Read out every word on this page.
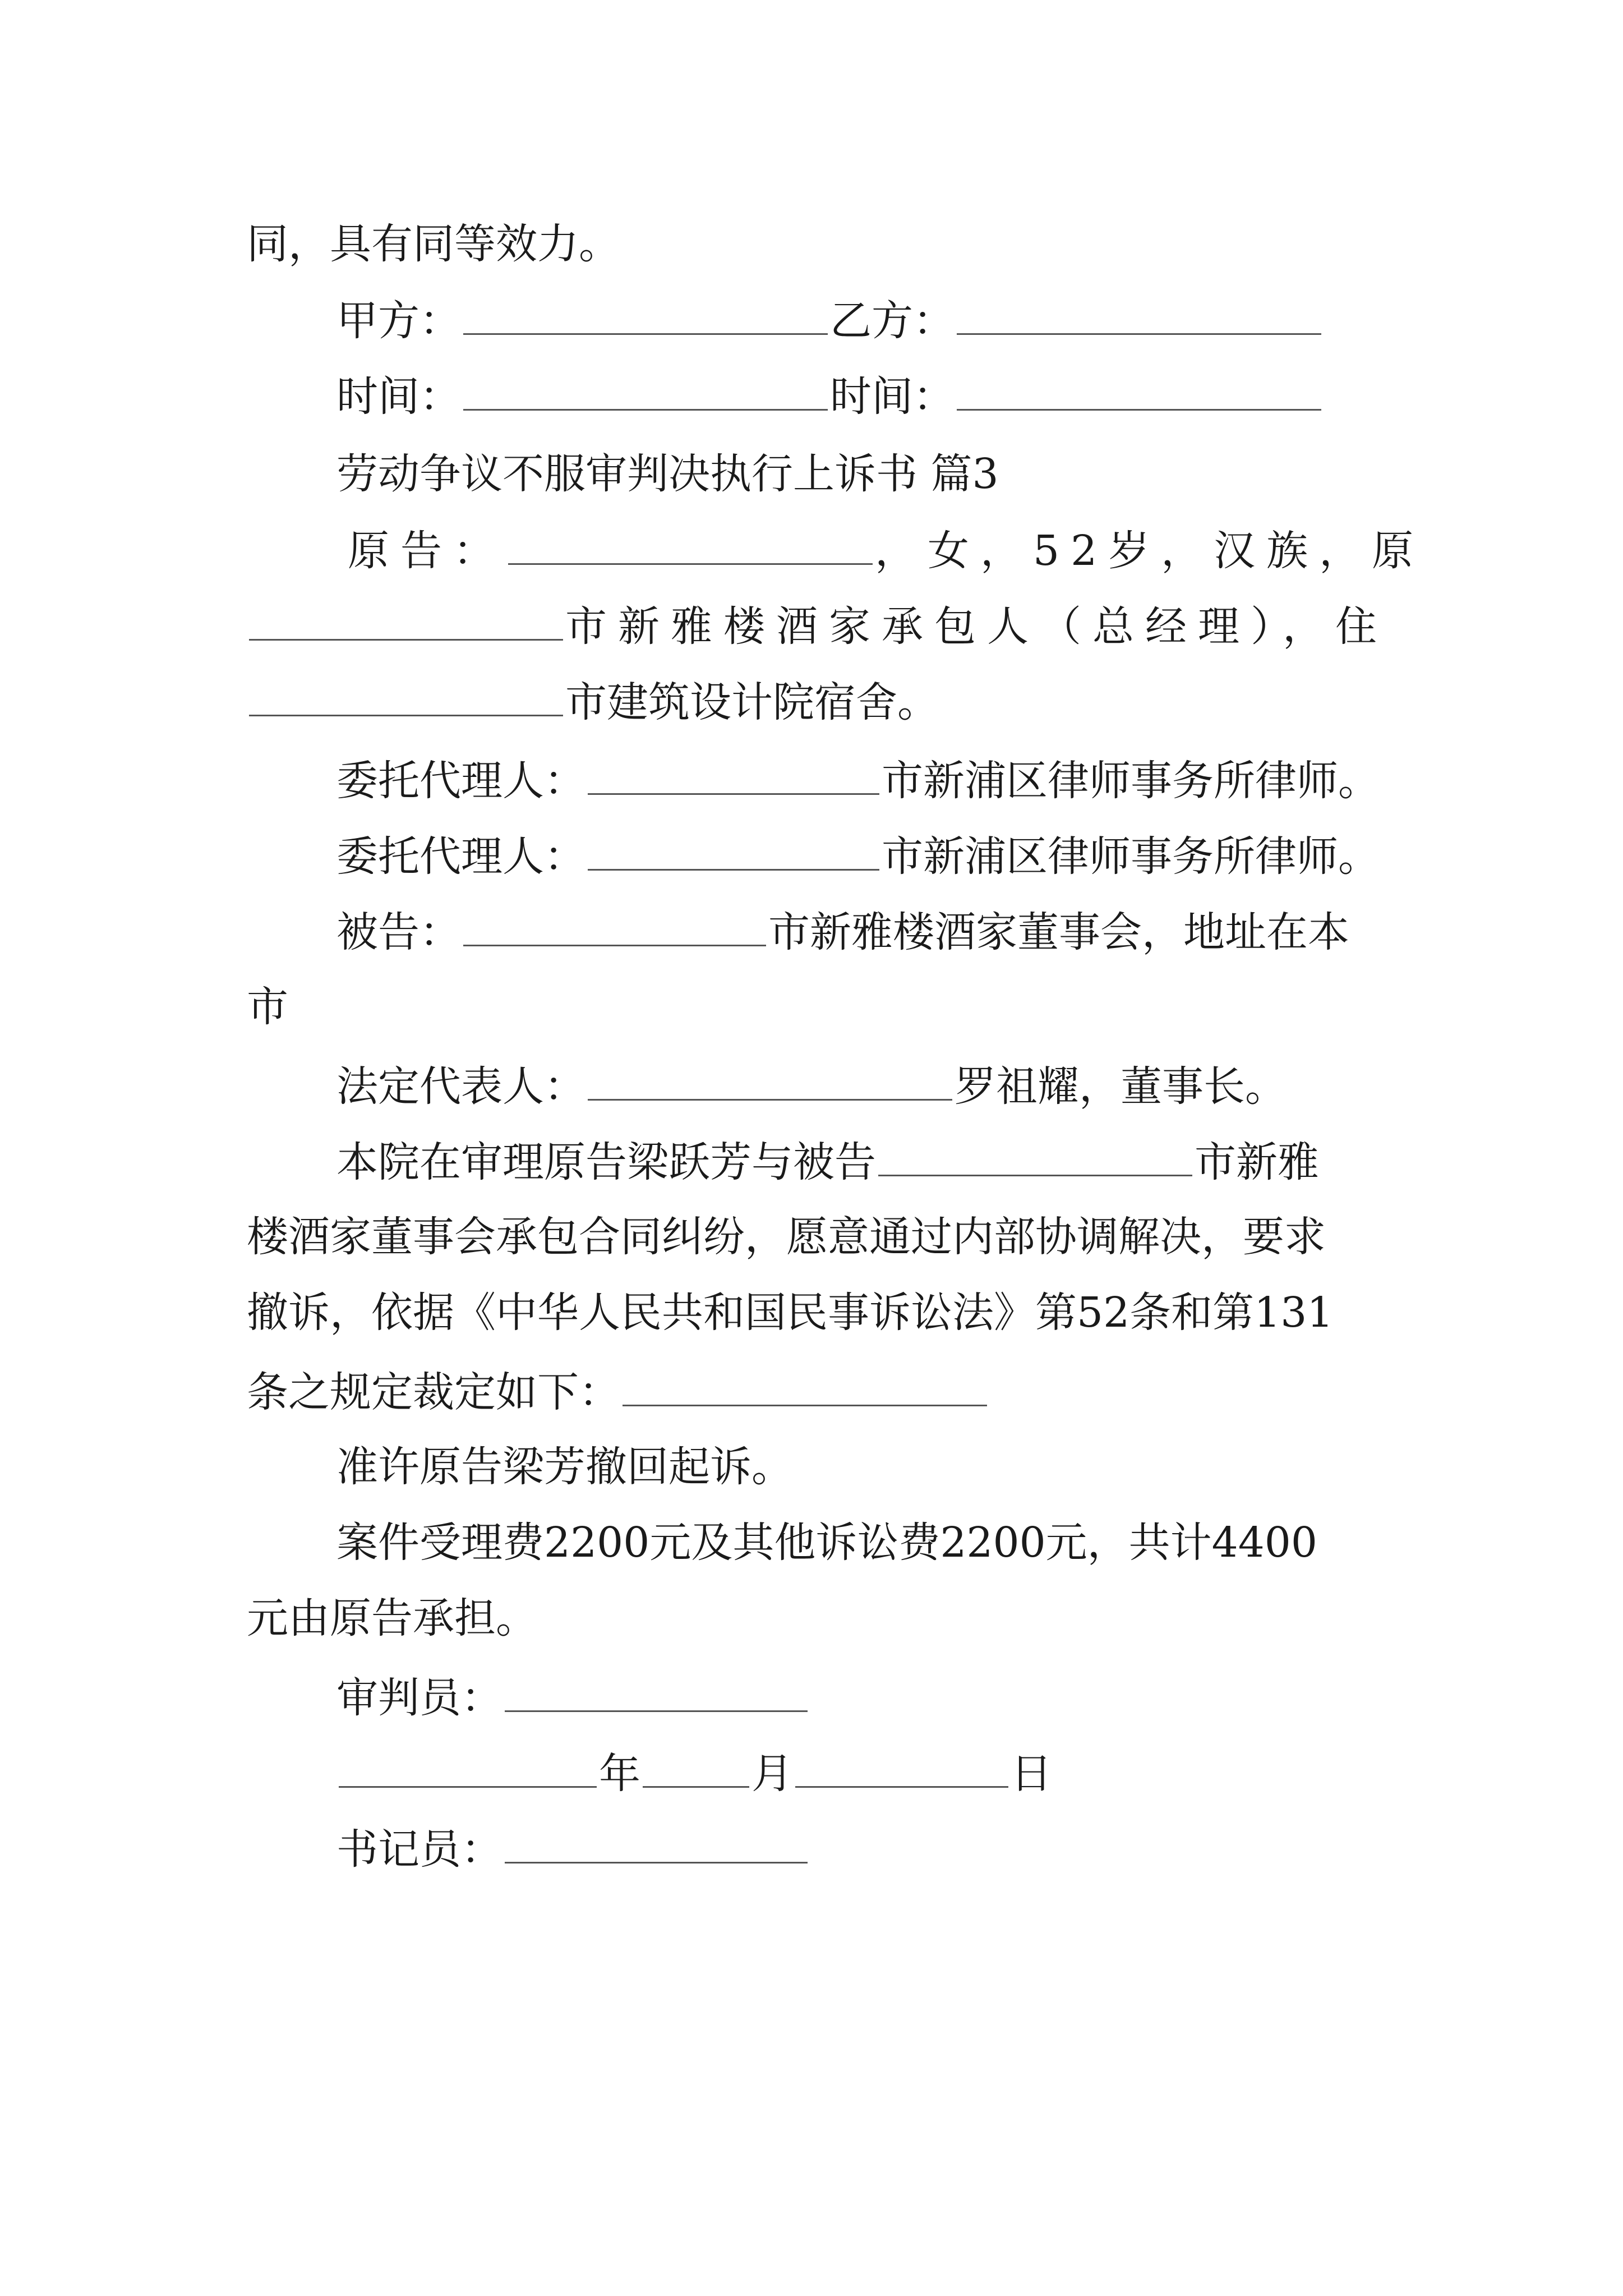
同，具有同等效力。
甲方：	乙方：
时间：	时间：
劳动争议不服审判决执行上诉书 篇3
原告：	，女，52岁，汉族，原
市新雅楼酒家承包人（总经理），住
市建筑设计院宿舍。
委托代理人：	市新浦区律师事务所律师。
委托代理人：	市新浦区律师事务所律师。
被告：	市新雅楼酒家董事会，地址在本
市
法定代表人：	罗祖耀，董事长。
本院在审理原告梁跃芳与被告	市新雅
楼酒家董事会承包合同纠纷，愿意通过内部协调解决，要求
撤诉，依据《中华人民共和国民事诉讼法》第52条和第131
条之规定裁定如下：
准许原告梁芳撤回起诉。
案件受理费2200元及其他诉讼费2200元，共计4400
元由原告承担。
审判员：
年	月	日
书记员：
